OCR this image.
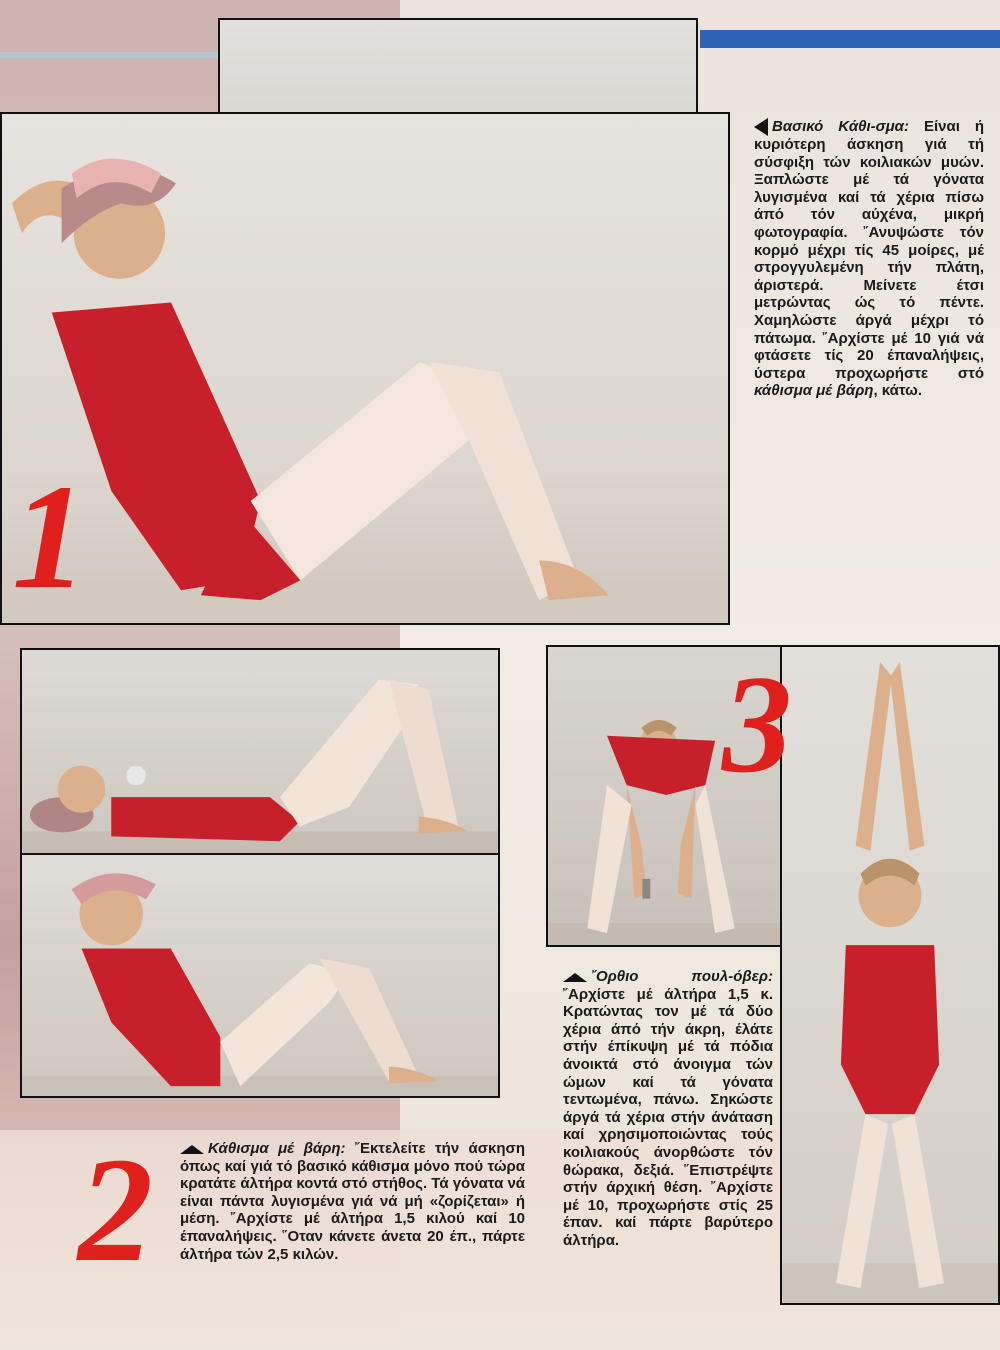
1
2
3

Βασικό Κάθι-σμα: Είναι ή κυριότερη άσκηση γιά τή σύσφιξη τών κοιλιακών μυών. Ξαπλώστε μέ τά γόνατα λυγισμένα καί τά χέρια πίσω άπό τόν αύχένα, μικρή φωτογραφία. ῎Ανυψώστε τόν κορμό μέχρι τίς 45 μοίρες, μέ στρογγυλεμένη τήν πλάτη, άριστερά. Μείνετε έτσι μετρώντας ώς τό πέντε. Χαμηλώστε άργά μέχρι τό πάτωμα. ῎Αρχίστε μέ 10 γιά νά φτάσετε τίς 20 έπαναλήψεις, ύστερα προχωρήστε στό κάθισμα μέ βάρη, κάτω.

῎Ορθιο πουλ-όβερ: ῎Αρχίστε μέ άλτήρα 1,5 κ. Κρατώντας τον μέ τά δύο χέρια άπό τήν άκρη, έλάτε στήν έπίκυψη μέ τά πόδια άνοικτά στό άνοιγμα τών ώμων καί τά γόνατα τεντωμένα, πάνω. Σηκώστε άργά τά χέρια στήν άνάταση καί χρησιμοποιώντας τούς κοιλιακούς άνορθώστε τόν θώρακα, δεξιά. ῞Επιστρέψτε στήν άρχική θέση. ῎Αρχίστε μέ 10, προχωρήστε στίς 25 έπαν. καί πάρτε βαρύτερο άλτήρα.

Κάθισμα μέ βάρη: ῎Εκτελείτε τήν άσκηση όπως καί γιά τό βασικό κάθισμα μόνο πού τώρα κρατάτε άλτήρα κοντά στό στήθος. Τά γόνατα νά είναι πάντα λυγισμένα γιά νά μή «ζορίζεται» ή μέση. ῎Αρχίστε μέ άλτήρα 1,5 κιλού καί 10 έπαναλήψεις. ῞Οταν κάνετε άνετα 20 έπ., πάρτε άλτήρα τών 2,5 κιλών.
